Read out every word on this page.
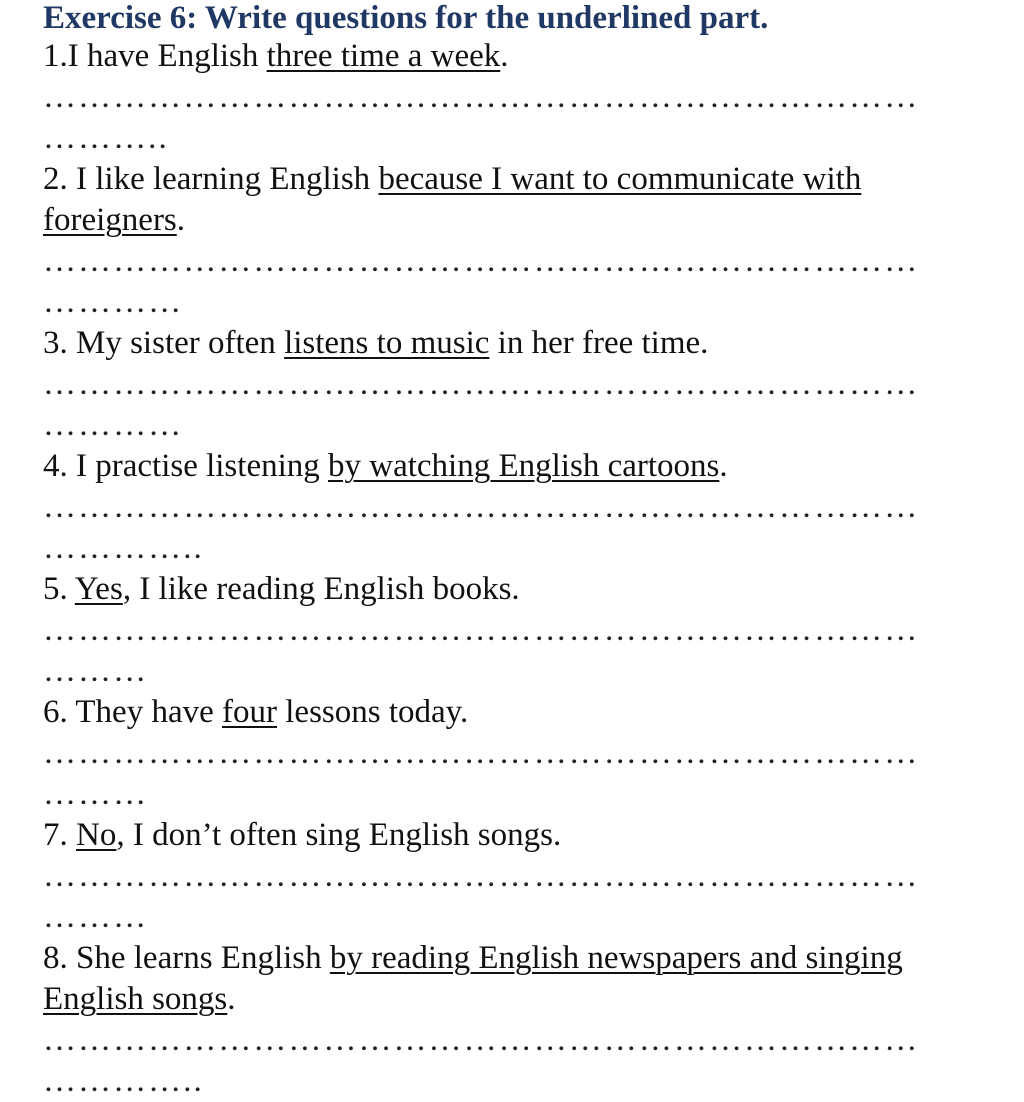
Exercise 6: Write questions for the underlined part.

1.I have English three time a week.

…………………………………………………………………

………..

2. I like learning English because I want to communicate with foreigners.

…………………………………………………………………

…………

3. My sister often listens to music in her free time.

…………………………………………………………………

…………

4. I practise listening by watching English cartoons.

…………………………………………………………………

…………..

5. Yes, I like reading English books.

…………………………………………………………………

………

6. They have four lessons today.

…………………………………………………………………

………

7. No, I don’t often sing English songs.

…………………………………………………………………

………

8. She learns English by reading English newspapers and singing English songs.

…………………………………………………………………

…………..
